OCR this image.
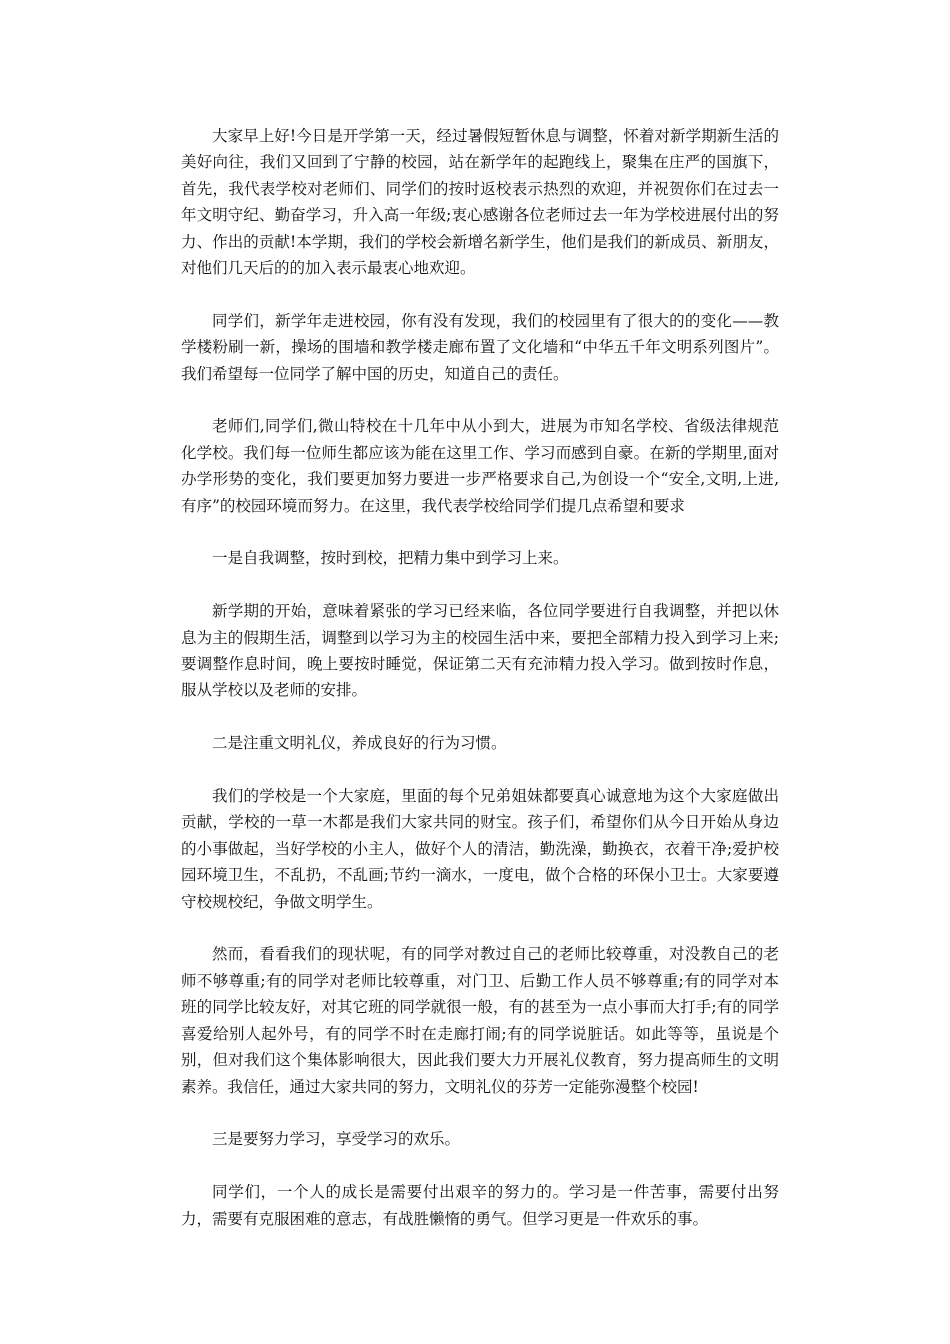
大家早上好!今日是开学第一天，经过暑假短暂休息与调整，怀着对新学期新生活的美好向往，我们又回到了宁静的校园，站在新学年的起跑线上，聚集在庄严的国旗下，首先，我代表学校对老师们、同学们的按时返校表示热烈的欢迎，并祝贺你们在过去一年文明守纪、勤奋学习，升入高一年级;衷心感谢各位老师过去一年为学校进展付出的努力、作出的贡献!本学期，我们的学校会新增名新学生，他们是我们的新成员、新朋友，对他们几天后的的加入表示最衷心地欢迎。

同学们，新学年走进校园，你有没有发现，我们的校园里有了很大的的变化——教学楼粉刷一新，操场的围墙和教学楼走廊布置了文化墙和“中华五千年文明系列图片”。我们希望每一位同学了解中国的历史，知道自己的责任。

老师们,同学们,微山特校在十几年中从小到大，进展为市知名学校、省级法律规范化学校。我们每一位师生都应该为能在这里工作、学习而感到自豪。在新的学期里,面对办学形势的变化，我们要更加努力要进一步严格要求自己,为创设一个“安全,文明,上进,有序”的校园环境而努力。在这里，我代表学校给同学们提几点希望和要求

一是自我调整，按时到校，把精力集中到学习上来。

新学期的开始，意味着紧张的学习已经来临，各位同学要进行自我调整，并把以休息为主的假期生活，调整到以学习为主的校园生活中来，要把全部精力投入到学习上来;要调整作息时间，晚上要按时睡觉，保证第二天有充沛精力投入学习。做到按时作息，服从学校以及老师的安排。

二是注重文明礼仪，养成良好的行为习惯。

我们的学校是一个大家庭，里面的每个兄弟姐妹都要真心诚意地为这个大家庭做出贡献，学校的一草一木都是我们大家共同的财宝。孩子们，希望你们从今日开始从身边的小事做起，当好学校的小主人，做好个人的清洁，勤洗澡，勤换衣，衣着干净;爱护校园环境卫生，不乱扔，不乱画;节约一滴水，一度电，做个合格的环保小卫士。大家要遵守校规校纪，争做文明学生。

然而，看看我们的现状呢，有的同学对教过自己的老师比较尊重，对没教自己的老师不够尊重;有的同学对老师比较尊重，对门卫、后勤工作人员不够尊重;有的同学对本班的同学比较友好，对其它班的同学就很一般，有的甚至为一点小事而大打手;有的同学喜爱给别人起外号，有的同学不时在走廊打闹;有的同学说脏话。如此等等，虽说是个别，但对我们这个集体影响很大，因此我们要大力开展礼仪教育，努力提高师生的文明素养。我信任，通过大家共同的努力，文明礼仪的芬芳一定能弥漫整个校园!

三是要努力学习，享受学习的欢乐。

同学们，一个人的成长是需要付出艰辛的努力的。学习是一件苦事，需要付出努力，需要有克服困难的意志，有战胜懒惰的勇气。但学习更是一件欢乐的事。
